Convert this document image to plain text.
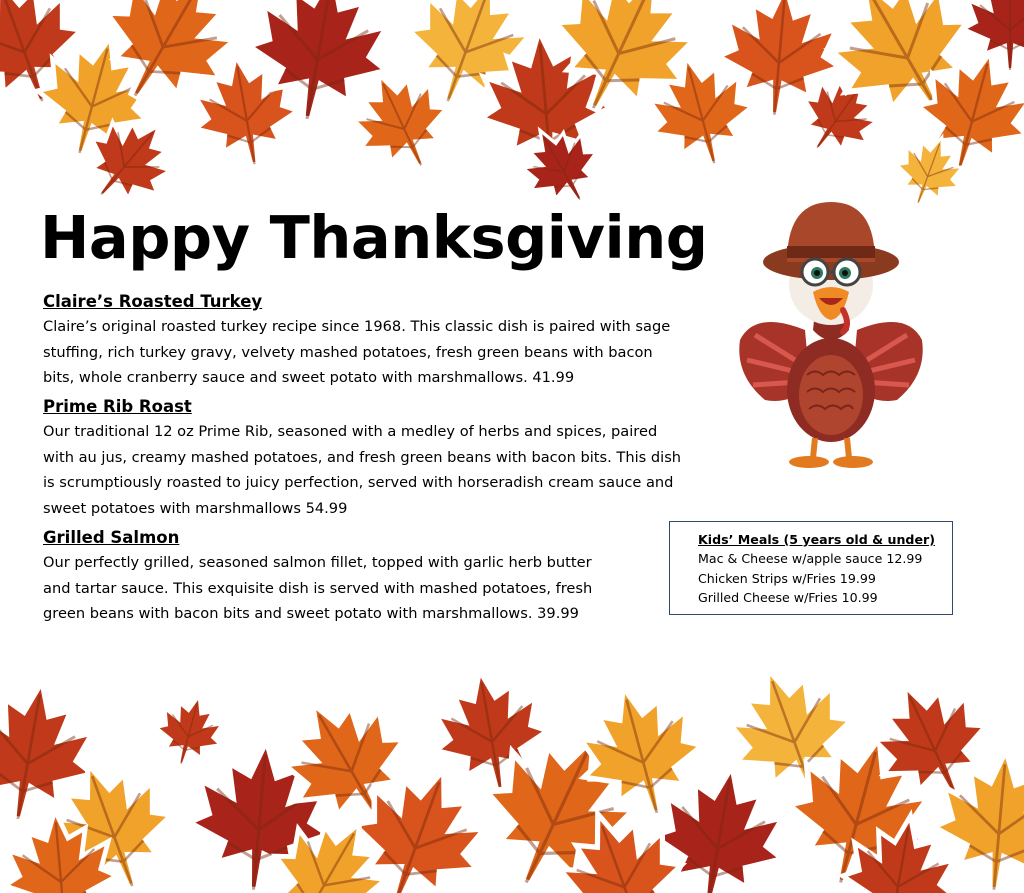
Happy Thanksgiving
Claire’s Roasted Turkey

Claire’s original roasted turkey recipe since 1968. This classic dish is paired with sage
stuffing, rich turkey gravy, velvety mashed potatoes, fresh green beans with bacon
bits, whole cranberry sauce and sweet potato with marshmallows. 41.99

Prime Rib Roast

Our traditional 12 oz Prime Rib, seasoned with a medley of herbs and spices, paired
with au jus, creamy mashed potatoes, and fresh green beans with bacon bits. This dish
is scrumptiously roasted to juicy perfection, served with horseradish cream sauce and
sweet potatoes with marshmallows 54.99

Grilled Salmon

Our perfectly grilled, seasoned salmon fillet, topped with garlic herb butter
and tartar sauce. This exquisite dish is served with mashed potatoes, fresh
green beans with bacon bits and sweet potato with marshmallows. 39.99

Kids’ Meals (5 years old & under)
Mac & Cheese w/apple sauce 12.99
Chicken Strips w/Fries 19.99
Grilled Cheese w/Fries 10.99
